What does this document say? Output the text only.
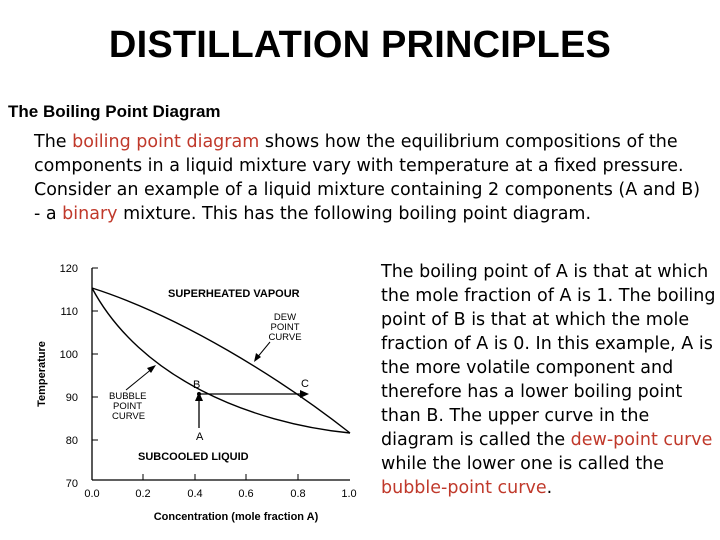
DISTILLATION PRINCIPLES
The Boiling Point Diagram
The boiling point diagram shows how the equilibrium compositions of the components in a liquid mixture vary with temperature at a fixed pressure. Consider an example of a liquid mixture containing 2 components (A and B) - a binary mixture. This has the following boiling point diagram.
120
110
100
90
80
70
0.0	0.2	0.4	0.6	0.8	1.0
Temperature
Concentration (mole fraction A)
SUPERHEATED VAPOUR
SUBCOOLED LIQUID
DEW
POINT
CURVE
BUBBLE
POINT
CURVE
A
B	C
The boiling point of A is that at which the mole fraction of A is 1. The boiling point of B is that at which the mole fraction of A is 0. In this example, A is the more volatile component and therefore has a lower boiling point than B. The upper curve in the diagram is called the dew-point curve while the lower one is called the bubble-point curve.
